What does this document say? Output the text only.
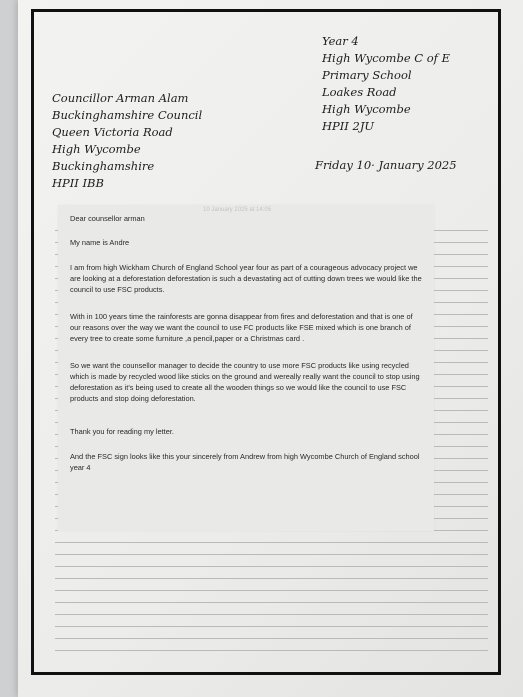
Year 4
High Wycombe C of E
Primary School
Loakes Road
High Wycombe
HPII 2JU
Councillor Arman Alam
Buckinghamshire Council
Queen Victoria Road
High Wycombe
Buckinghamshire
HPII IBB
Friday 10· January 2025
10 January 2025 at 14:05

Dear counsellor arman

My name is Andre

I am from high Wickham Church of England School year four as part of a courageous advocacy project we are looking at a deforestation deforestation is such a devastating act of cutting down trees we would like the council to use FSC products.

With in 100 years time the rainforests are gonna disappear from fires and deforestation and that is one of our reasons over the way we want the council to use FC products like FSE mixed which is one branch of every tree to create some furniture ,a pencil,paper or a Christmas card .

So we want the counsellor manager to decide the country to use more FSC products like using recycled which is made by recycled wood like sticks on the ground and wereally really want the council to stop using deforestation as it's being used to create all the wooden things so we would like the council to use FSC products and stop doing deforestation.

Thank you for reading my letter.

And the FSC sign looks like this your sincerely from Andrew from high Wycombe Church of England school year 4
